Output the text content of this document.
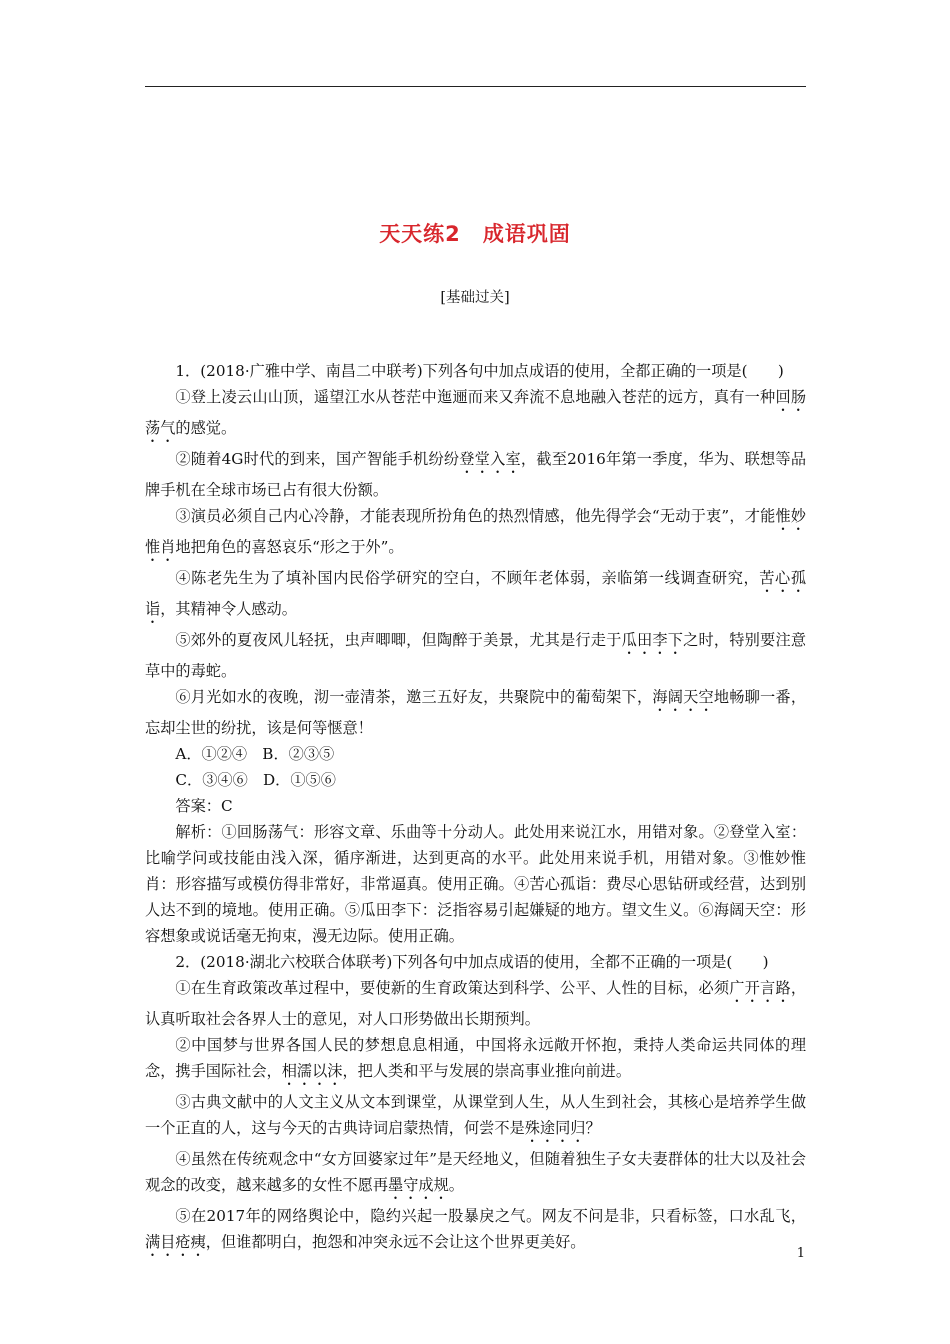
天天练2 成语巩固
[基础过关]

1．(2018·广雅中学、南昌二中联考)下列各句中加点成语的使用，全都正确的一项是(　　)

①登上凌云山山顶，遥望江水从苍茫中迤逦而来又奔流不息地融入苍茫的远方，真有一种回肠荡气的感觉。

②随着4G时代的到来，国产智能手机纷纷登堂入室，截至2016年第一季度，华为、联想等品牌手机在全球市场已占有很大份额。

③演员必须自己内心冷静，才能表现所扮角色的热烈情感，他先得学会“无动于衷”，才能惟妙惟肖地把角色的喜怒哀乐“形之于外”。

④陈老先生为了填补国内民俗学研究的空白，不顾年老体弱，亲临第一线调查研究，苦心孤诣，其精神令人感动。

⑤郊外的夏夜风儿轻抚，虫声唧唧，但陶醉于美景，尤其是行走于瓜田李下之时，特别要注意草中的毒蛇。

⑥月光如水的夜晚，沏一壶清茶，邀三五好友，共聚院中的葡萄架下，海阔天空地畅聊一番，忘却尘世的纷扰，该是何等惬意！

A．①②④　B．②③⑤

C．③④⑥　D．①⑤⑥

答案：C

解析：①回肠荡气：形容文章、乐曲等十分动人。此处用来说江水，用错对象。②登堂入室：比喻学问或技能由浅入深，循序渐进，达到更高的水平。此处用来说手机，用错对象。③惟妙惟肖：形容描写或模仿得非常好，非常逼真。使用正确。④苦心孤诣：费尽心思钻研或经营，达到别人达不到的境地。使用正确。⑤瓜田李下：泛指容易引起嫌疑的地方。望文生义。⑥海阔天空：形容想象或说话毫无拘束，漫无边际。使用正确。

2．(2018·湖北六校联合体联考)下列各句中加点成语的使用，全都不正确的一项是(　　)

①在生育政策改革过程中，要使新的生育政策达到科学、公平、人性的目标，必须广开言路，认真听取社会各界人士的意见，对人口形势做出长期预判。

②中国梦与世界各国人民的梦想息息相通，中国将永远敞开怀抱，秉持人类命运共同体的理念，携手国际社会，相濡以沫，把人类和平与发展的崇高事业推向前进。

③古典文献中的人文主义从文本到课堂，从课堂到人生，从人生到社会，其核心是培养学生做一个正直的人，这与今天的古典诗词启蒙热情，何尝不是殊途同归？

④虽然在传统观念中“女方回婆家过年”是天经地义，但随着独生子女夫妻群体的壮大以及社会观念的改变，越来越多的女性不愿再墨守成规。

⑤在2017年的网络舆论中，隐约兴起一股暴戾之气。网友不问是非，只看标签，口水乱飞，满目疮痍，但谁都明白，抱怨和冲突永远不会让这个世界更美好。

1
